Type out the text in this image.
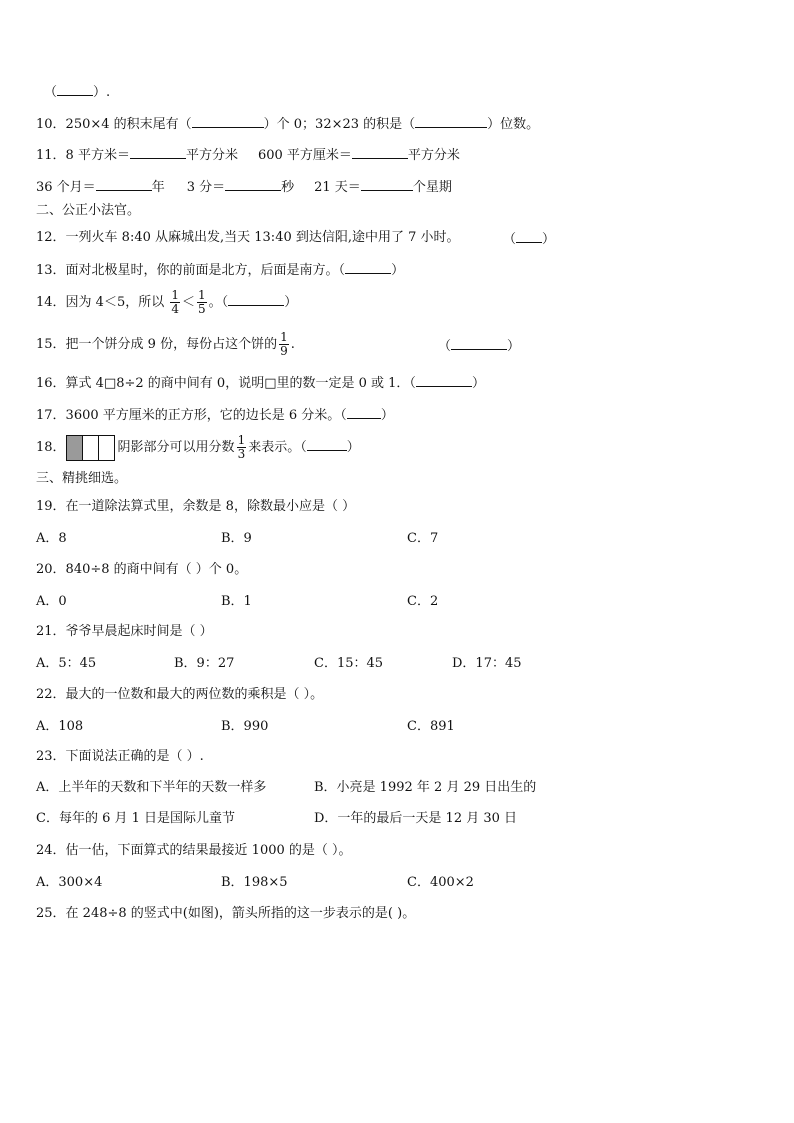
（	）.
10．250×4 的积末尾有（	）个 0；32×23 的积是（	）位数。
11．8 平方米＝	平方分米 600 平方厘米＝	平方分米
36 个月＝	年 3 分＝	秒 21 天＝	个星期
二、公正小法官。
12．一列火车 8:40 从麻城出发,当天 13:40 到达信阳,途中用了 7 小时。	（ ）
13．面对北极星时，你的前面是北方，后面是南方。（	）
14．因为 4＜5，所以 $\frac{1}{4} < \frac{1}{5}$ 。（	）
15．把一个饼分成 9 份，每份占这个饼的 $\frac{1}{9}$ .	（	）
16．算式 4□8÷2 的商中间有 0，说明□里的数一定是 0 或 1．（	）
17．3600 平方厘米的正方形，它的边长是 6 分米。（	）
18．	阴影部分可以用分数 $\frac{1}{3}$ 来表示。（	）
三、精挑细选。
19．在一道除法算式里，余数是 8，除数最小应是（ ）
A．8	B．9	C．7
20．840÷8 的商中间有（ ）个 0。
A．0	B．1	C．2
21．爷爷早晨起床时间是（ ）
A．5：45	B．9：27	C．15：45	D．17：45
22．最大的一位数和最大的两位数的乘积是（ ）。
A．108	B．990	C．891
23．下面说法正确的是（ ）.
A．上半年的天数和下半年的天数一样多	B．小亮是 1992 年 2 月 29 日出生的
C．每年的 6 月 1 日是国际儿童节	D．一年的最后一天是 12 月 30 日
24．估一估，下面算式的结果最接近 1000 的是（ ）。
A．300×4	B．198×5	C．400×2
25．在 248÷8 的竖式中(如图)，箭头所指的这一步表示的是( )。
